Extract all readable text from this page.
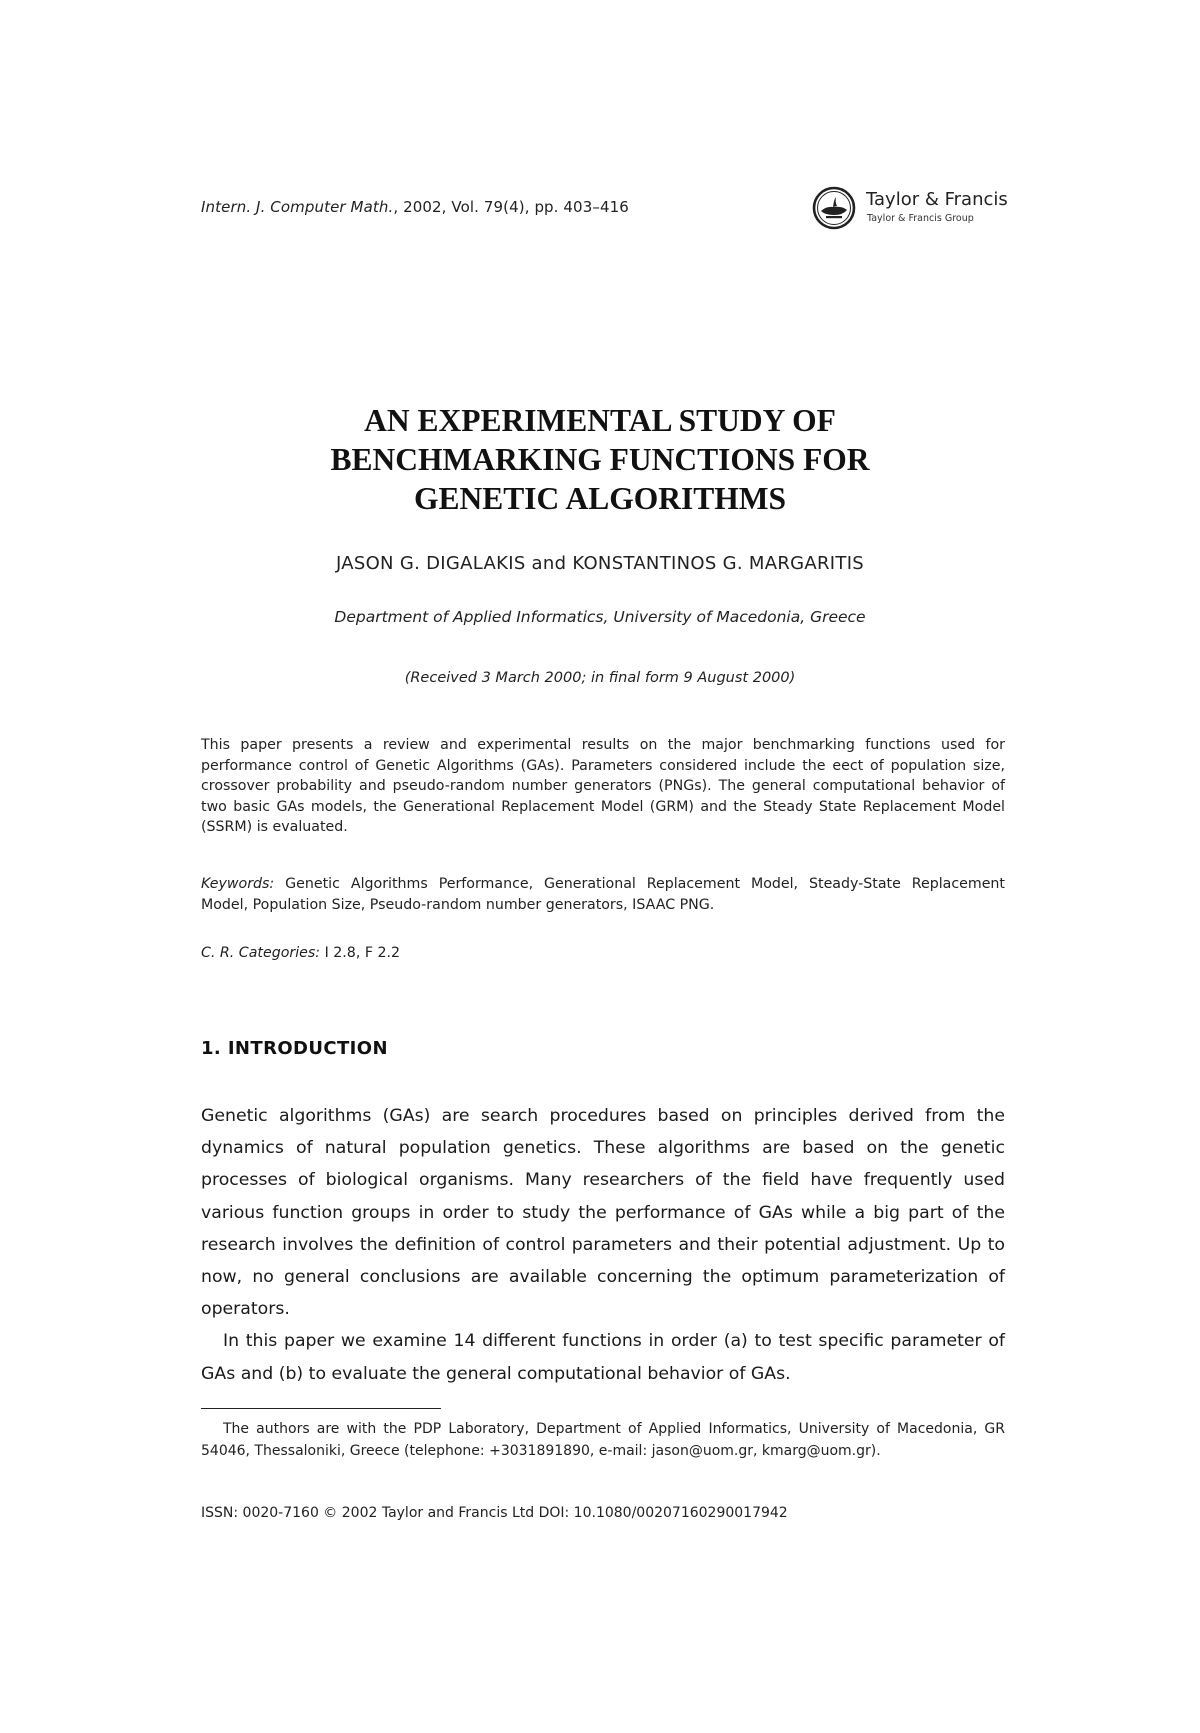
Intern. J. Computer Math., 2002, Vol. 79(4), pp. 403–416	Taylor & Francis
Taylor & Francis Group
AN EXPERIMENTAL STUDY OF
BENCHMARKING FUNCTIONS FOR
GENETIC ALGORITHMS
JASON G. DIGALAKIS and KONSTANTINOS G. MARGARITIS
Department of Applied Informatics, University of Macedonia, Greece
(Received 3 March 2000; in final form 9 August 2000)
This paper presents a review and experimental results on the major benchmarking functions used for performance control of Genetic Algorithms (GAs). Parameters considered include the eect of population size, crossover probability and pseudo-random number generators (PNGs). The general computational behavior of two basic GAs models, the Generational Replacement Model (GRM) and the Steady State Replacement Model (SSRM) is evaluated.
Keywords: Genetic Algorithms Performance, Generational Replacement Model, Steady-State Replacement Model, Population Size, Pseudo-random number generators, ISAAC PNG.
C. R. Categories: I 2.8, F 2.2
1. INTRODUCTION

Genetic algorithms (GAs) are search procedures based on principles derived from the dynamics of natural population genetics. These algorithms are based on the genetic processes of biological organisms. Many researchers of the field have frequently used various function groups in order to study the performance of GAs while a big part of the research involves the definition of control parameters and their potential adjustment. Up to now, no general conclusions are available concerning the optimum parameterization of operators.

In this paper we examine 14 different functions in order (a) to test specific parameter of GAs and (b) to evaluate the general computational behavior of GAs.

The authors are with the PDP Laboratory, Department of Applied Informatics, University of Macedonia, GR 54046, Thessaloniki, Greece (telephone: +3031891890, e-mail: jason@uom.gr, kmarg@uom.gr).

ISSN: 0020-7160 © 2002 Taylor and Francis Ltd DOI: 10.1080/00207160290017942
